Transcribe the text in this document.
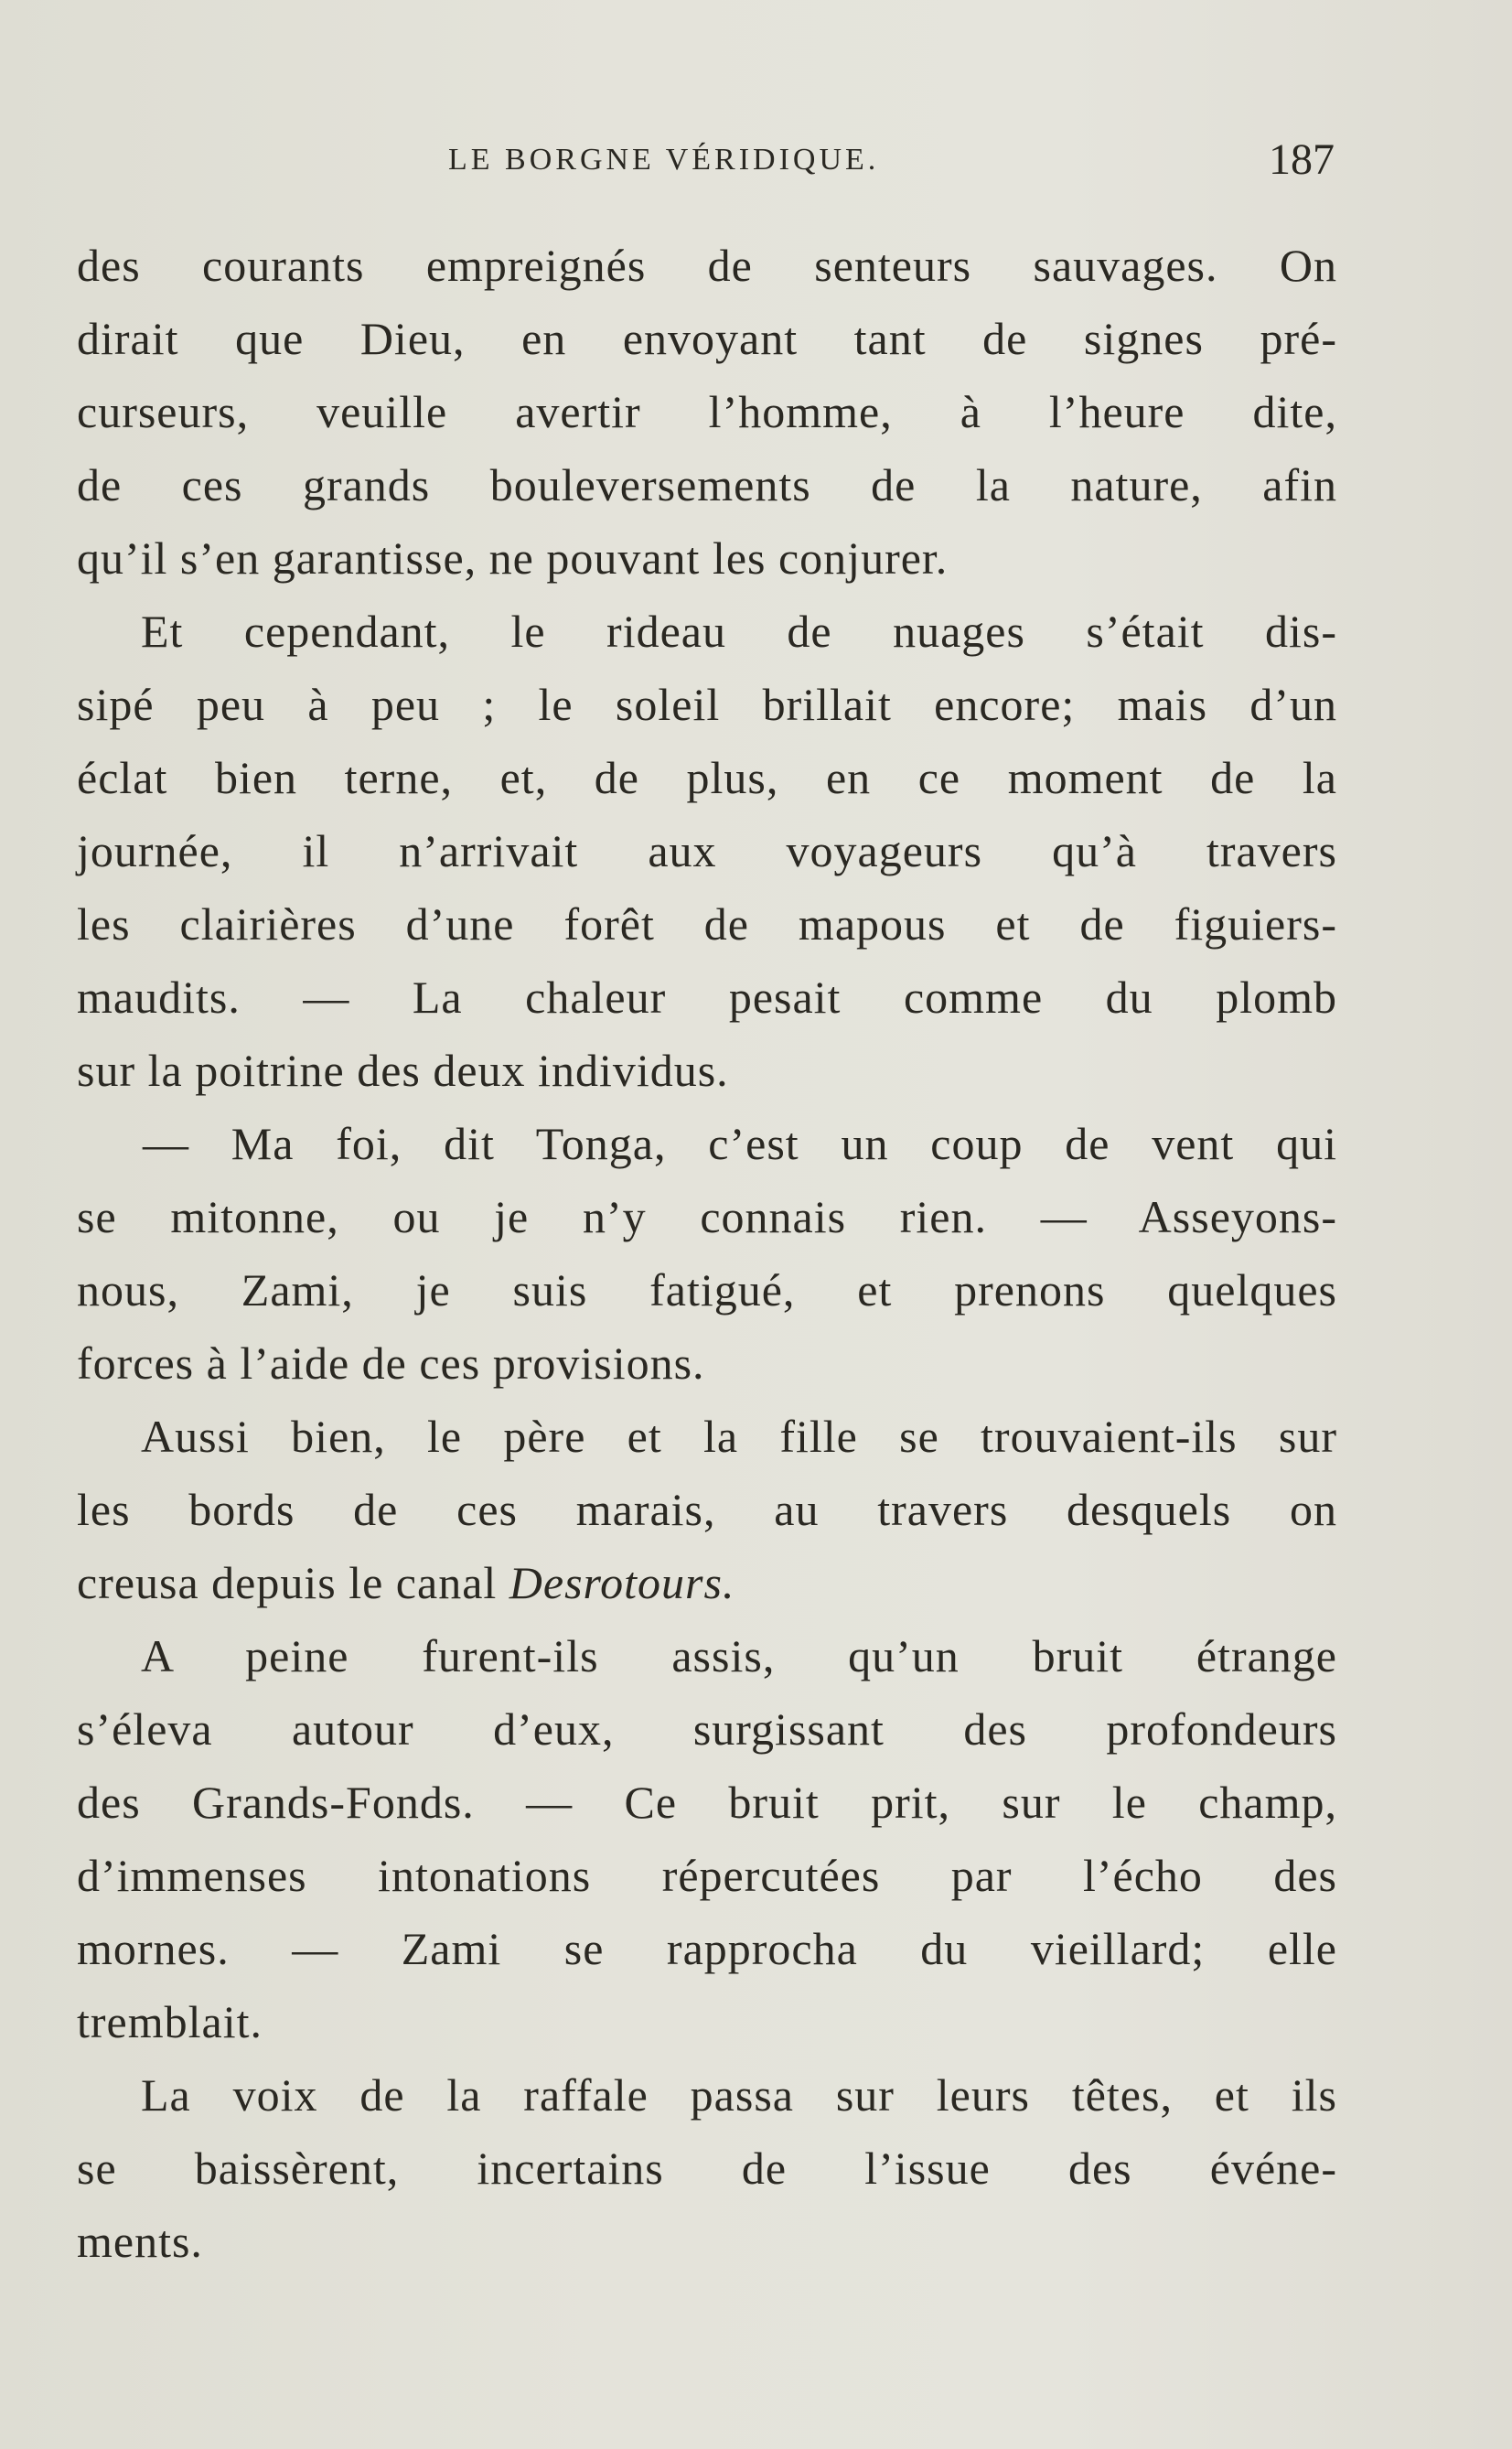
LE BORGNE VÉRIDIQUE.	187
des courants empreignés de senteurs sauvages. On
dirait que Dieu, en envoyant tant de signes pré-
curseurs, veuille avertir l’homme, à l’heure dite,
de ces grands bouleversements de la nature, afin
qu’il s’en garantisse, ne pouvant les conjurer.
Et cependant, le rideau de nuages s’était dis-
sipé peu à peu ; le soleil brillait encore; mais d’un
éclat bien terne, et, de plus, en ce moment de la
journée, il n’arrivait aux voyageurs qu’à travers
les clairières d’une forêt de mapous et de figuiers-
maudits. — La chaleur pesait comme du plomb
sur la poitrine des deux individus.
— Ma foi, dit Tonga, c’est un coup de vent qui
se mitonne, ou je n’y connais rien. — Asseyons-
nous, Zami, je suis fatigué, et prenons quelques
forces à l’aide de ces provisions.
Aussi bien, le père et la fille se trouvaient-ils sur
les bords de ces marais, au travers desquels on
creusa depuis le canal Desrotours.
A peine furent-ils assis, qu’un bruit étrange
s’éleva autour d’eux, surgissant des profondeurs
des Grands-Fonds. — Ce bruit prit, sur le champ,
d’immenses intonations répercutées par l’écho des
mornes. — Zami se rapprocha du vieillard; elle
tremblait.
La voix de la raffale passa sur leurs têtes, et ils
se baissèrent, incertains de l’issue des événe-
ments.
